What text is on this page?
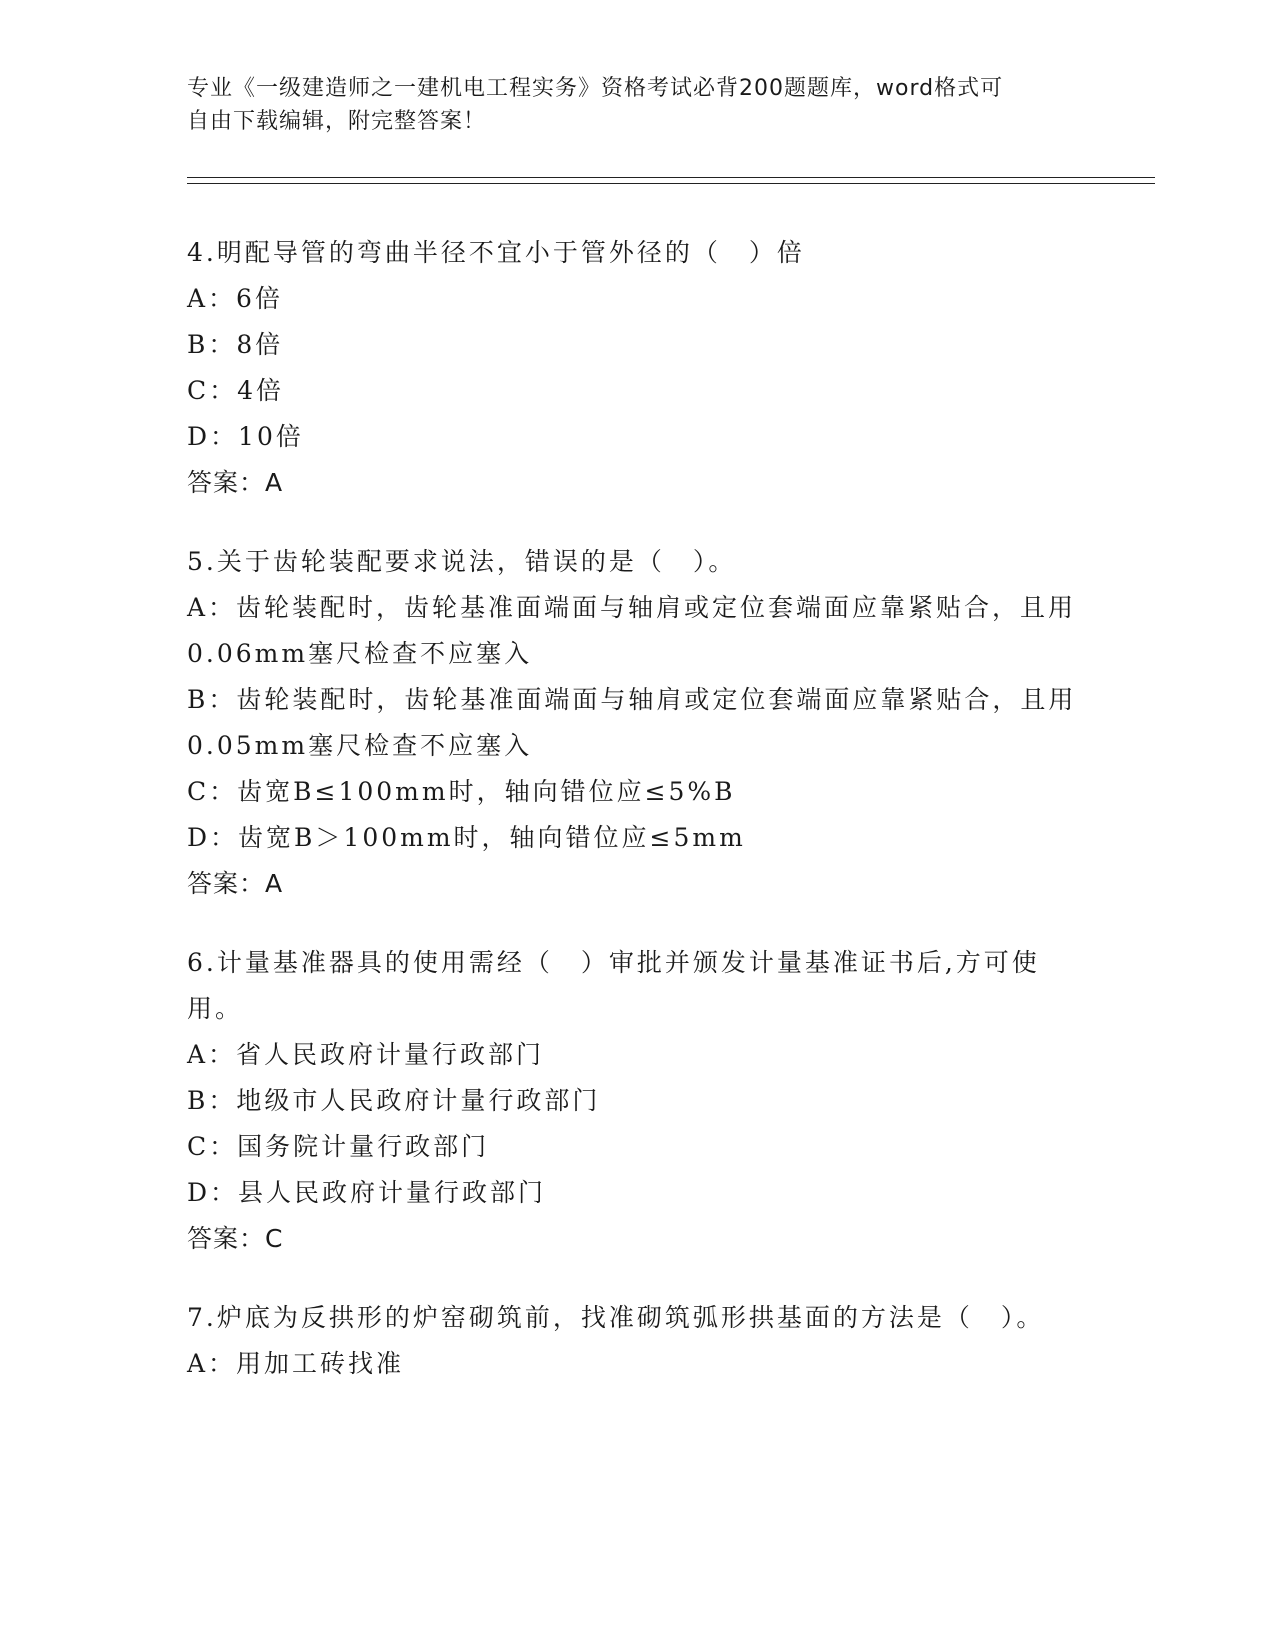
专业《一级建造师之一建机电工程实务》资格考试必背200题题库，word格式可
自由下载编辑，附完整答案！
4.明配导管的弯曲半径不宜小于管外径的（　）倍
A：6倍
B：8倍
C：4倍
D：10倍
答案：A
5.关于齿轮装配要求说法，错误的是（　）。
A：齿轮装配时，齿轮基准面端面与轴肩或定位套端面应靠紧贴合，且用0.06mm塞尺检查不应塞入
B：齿轮装配时，齿轮基准面端面与轴肩或定位套端面应靠紧贴合，且用0.05mm塞尺检查不应塞入
C：齿宽B≤100mm时，轴向错位应≤5%B
D：齿宽B＞100mm时，轴向错位应≤5mm
答案：A
6.计量基准器具的使用需经（　）审批并颁发计量基准证书后,方可使用。
A：省人民政府计量行政部门
B：地级市人民政府计量行政部门
C：国务院计量行政部门
D：县人民政府计量行政部门
答案：C
7.炉底为反拱形的炉窑砌筑前，找准砌筑弧形拱基面的方法是（　）。
A：用加工砖找准
